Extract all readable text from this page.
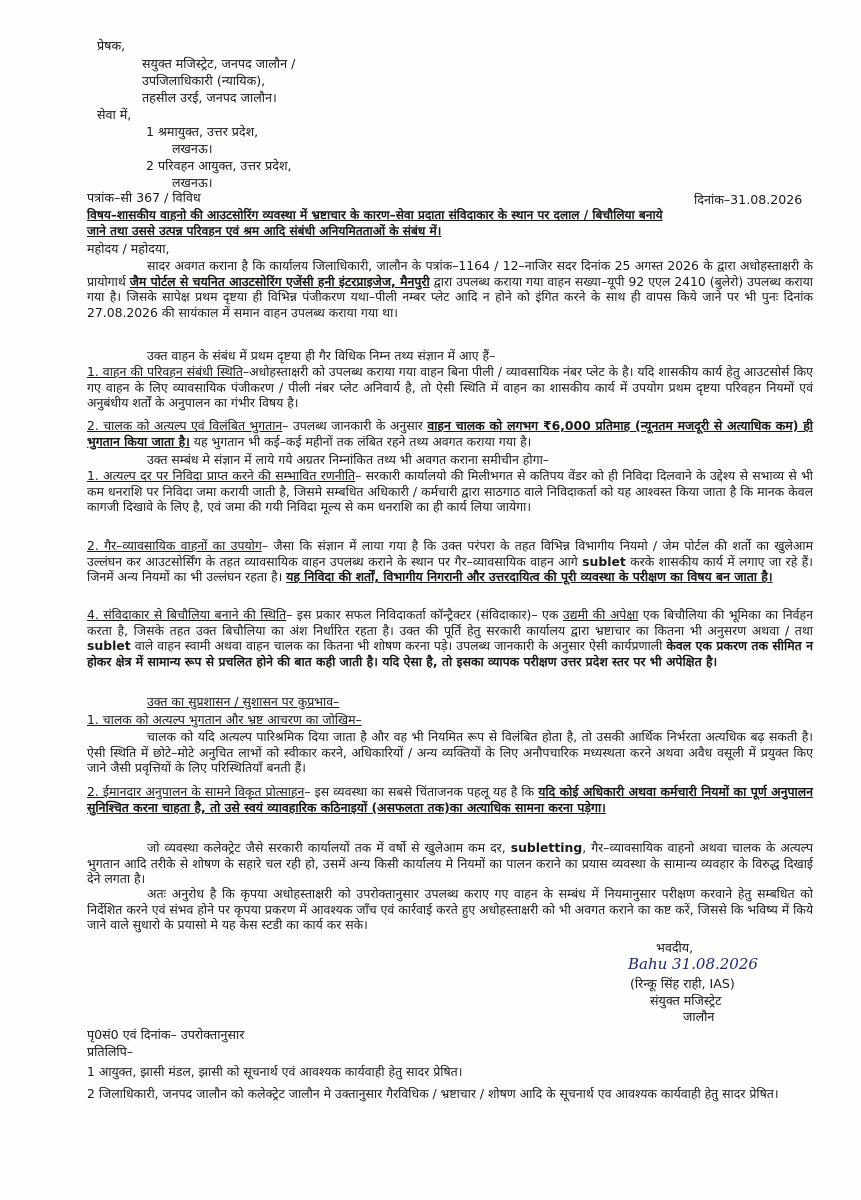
प्रेषक,
सयुक्त मजिस्ट्रेट, जनपद जालौन /
उपजिलाधिकारी (न्यायिक),
तहसील उरई, जनपद जालौन।
सेवा में,
1 श्रमायुक्त, उत्तर प्रदेश,
लखनऊ।
2 परिवहन आयुक्त, उत्तर प्रदेश,
लखनऊ।
पत्रांक–सी 367 / विविध	दिनांक–31.08.2026
विषय–शासकीय वाहनो की आउटसोरिंग व्यवस्था में भ्रष्टाचार के कारण–सेवा प्रदाता संविदाकार के स्थान पर दलाल / बिचौलिया बनाये
जाने तथा उससे उत्पन्न परिवहन एवं श्रम आदि संबंधी अनियमितताओं के संबंध में।
महोदय / महोदया,
सादर अवगत कराना है कि कार्यालय जिलाधिकारी, जालौन के पत्रांक–1164 / 12–नाजिर सदर दिनांक 25 अगस्त 2026 के द्वारा अधोहस्ताक्षरी के प्रायोगार्थ जैम पोर्टल से चयनित आउटसोरिंग एजेंसी हनी इंटरप्राइजेज, मैनपुरी द्वारा उपलब्ध कराया गया वाहन सख्या–यूपी 92 एएल 2410 (बुलेरो) उपलब्ध कराया गया है। जिसके सापेक्ष प्रथम दृष्टया ही विभिन्न पंजीकरण यथा–पीली नम्बर प्लेट आदि न होने को इंगित करने के साथ ही वापस किये जाने पर भी पुनः दिनांक 27.08.2026 की सायंकाल में समान वाहन उपलब्ध कराया गया था।
उक्त वाहन के संबंध में प्रथम दृष्टया ही गैर विधिक निम्न तथ्य संज्ञान में आए हैं–
1. वाहन की परिवहन संबंधी स्थिति–अधोहस्ताक्षरी को उपलब्ध कराया गया वाहन बिना पीली / व्यावसायिक नंबर प्लेट के है। यदि शासकीय कार्य हेतु आउटसोर्स किए गए वाहन के लिए व्यावसायिक पंजीकरण / पीली नंबर प्लेट अनिवार्य है, तो ऐसी स्थिति में वाहन का शासकीय कार्य में उपयोग प्रथम दृष्टया परिवहन नियमों एवं अनुबंधीय शर्तों के अनुपालन का गंभीर विषय है।
2. चालक को अत्यल्प एवं विलंबित भुगतान– उपलब्ध जानकारी के अनुसार वाहन चालक को लगभग ₹6,000 प्रतिमाह (न्यूनतम मजदूरी से अत्याधिक कम) ही भुगतान किया जाता है। यह भुगतान भी कई–कई महीनों तक लंबित रहने तथ्य अवगत कराया गया है।
उक्त सम्बंध मे संज्ञान में लाये गये अग्रतर निम्नांकित तथ्य भी अवगत कराना समीचीन होगा–
1. अत्यल्प दर पर निविदा प्राप्त करने की सम्भावित रणनीति– सरकारी कार्यालयो की मिलीभगत से कतिपय वेंडर को ही निविदा दिलवाने के उद्देश्य से सभाव्य से भी कम धनराशि पर निविदा जमा करायी जाती है, जिसमे सम्बधित अधिकारी / कर्मचारी द्वारा साठगाठ वाले निविदाकर्ता को यह आश्वस्त किया जाता है कि मानक केवल कागजी दिखावे के लिए है, एवं जमा की गयी निविदा मूल्य से कम धनराशि का ही कार्य लिया जायेगा।
2. गैर–व्यावसायिक वाहनों का उपयोग– जैसा कि संज्ञान में लाया गया है कि उक्त परंपरा के तहत विभिन्न विभागीय नियमो / जेम पोर्टल की शर्तो का खुलेआम उल्लंघन कर आउटसोर्सिंग के तहत व्यावसायिक वाहन उपलब्ध कराने के स्थान पर गैर–व्यावसायिक वाहन आगे sublet करके शासकीय कार्य में लगाए जा रहे हैं। जिनमें अन्य नियमों का भी उल्लंघन रहता है। यह निविदा की शर्तों, विभागीय निगरानी और उत्तरदायित्व की पूरी व्यवस्था के परीक्षण का विषय बन जाता है।
4. संविदाकार से बिचौलिया बनाने की स्थिति– इस प्रकार सफल निविदाकर्ता कॉन्ट्रैक्टर (संविदाकार)– एक उद्यमी की अपेक्षा एक बिचौलिया की भूमिका का निर्वहन करता है, जिसके तहत उक्त बिचौलिया का अंश निर्धारित रहता है। उक्त की पूर्ति हेतु सरकारी कार्यालय द्वारा भ्रष्टाचार का कितना भी अनुसरण अथवा / तथा sublet वाले वाहन स्वामी अथवा वाहन चालक का कितना भी शोषण करना पड़े। उपलब्ध जानकारी के अनुसार ऐसी कार्यप्रणाली केवल एक प्रकरण तक सीमित न होकर क्षेत्र में सामान्य रूप से प्रचलित होने की बात कही जाती है। यदि ऐसा है, तो इसका व्यापक परीक्षण उत्तर प्रदेश स्तर पर भी अपेक्षित है।
उक्त का सुप्रशासन / सुशासन पर कुप्रभाव–
1. चालक को अत्यल्प भुगतान और भ्रष्ट आचरण का जोखिम–
चालक को यदि अत्यल्प पारिश्रमिक दिया जाता है और वह भी नियमित रूप से विलंबित होता है, तो उसकी आर्थिक निर्भरता अत्यधिक बढ़ सकती है। ऐसी स्थिति में छोटे–मोटे अनुचित लाभों को स्वीकार करने, अधिकारियों / अन्य व्यक्तियों के लिए अनौपचारिक मध्यस्थता करने अथवा अवैध वसूली में प्रयुक्त किए जाने जैसी प्रवृत्तियों के लिए परिस्थितियाँ बनती हैं।
2. ईमानदार अनुपालन के सामने विकृत प्रोत्साहन– इस व्यवस्था का सबसे चिंताजनक पहलू यह है कि यदि कोई अधिकारी अथवा कर्मचारी नियमों का पूर्ण अनुपालन सुनिश्चित करना चाहता है, तो उसे स्वयं व्यावहारिक कठिनाइयों (असफलता तक)का अत्याधिक सामना करना पड़ेगा।
जो व्यवस्था कलेक्ट्रेट जैसे सरकारी कार्यालयों तक में वर्षो से खुलेआम कम दर, subletting, गैर–व्यावसायिक वाहनो अथवा चालक के अत्यल्प भुगतान आदि तरीके से शोषण के सहारे चल रही हो, उसमें अन्य किसी कार्यालय मे नियमों का पालन कराने का प्रयास व्यवस्था के सामान्य व्यवहार के विरुद्ध दिखाई देने लगता है।
अतः अनुरोध है कि कृपया अधोहस्ताक्षरी को उपरोक्तानुसार उपलब्ध कराए गए वाहन के सम्बंध में नियमानुसार परीक्षण करवाने हेतु सम्बधित को निर्देशित करने एवं संभव होने पर कृपया प्रकरण में आवश्यक जाँच एवं कार्रवाई करते हुए अधोहस्ताक्षरी को भी अवगत कराने का कष्ट करें, जिससे कि भविष्य में किये जाने वाले सुधारो के प्रयासो मे यह केस स्टडी का कार्य कर सके।
भवदीय,
Bahu 31.08.2026
(रिन्कू सिंह राही, IAS)
संयुक्त मजिस्ट्रेट
जालौन
पृ0सं0 एवं दिनांक– उपरोक्तानुसार
प्रतिलिपि–
1 आयुक्त, झासी मंडल, झासी को सूचनार्थ एवं आवश्यक कार्यवाही हेतु सादर प्रेषित।
2 जिलाधिकारी, जनपद जालौन को कलेक्ट्रेट जालौन मे उक्तानुसार गैरविधिक / भ्रष्टाचार / शोषण आदि के सूचनार्थ एव आवश्यक कार्यवाही हेतु सादर प्रेषित।
